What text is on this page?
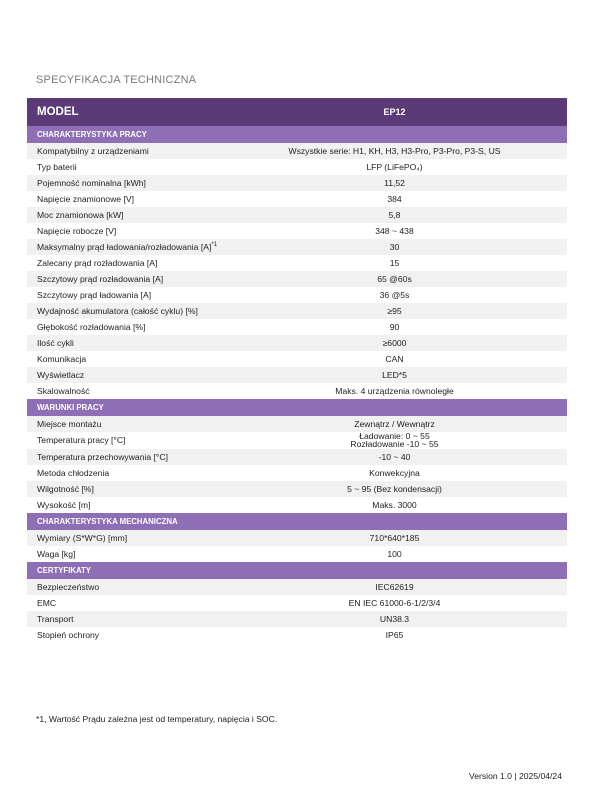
SPECYFIKACJA TECHNICZNA
MODEL	EP12
CHARAKTERYSTYKA PRACY	
Kompatybilny z urządzeniami	Wszystkie serie: H1, KH, H3, H3-Pro, P3-Pro, P3-S, US

Typ baterii	LFP (LiFePO₄)

Pojemność nominalna [kWh]	11,52

Napięcie znamionowe [V]	384

Moc znamionowa [kW]	5,8

Napięcie robocze [V]	348 ~ 438

Maksymalny prąd ładowania/rozładowania $[A]^{*1}$	30

Zalecany prąd rozładowania [A]	15

Szczytowy prąd rozładowania [A]	65 @60s

Szczytowy prąd ładowania [A]	36 @5s

Wydajność akumulatora (całość cyklu) [%]	≥95

Głębokość rozładowania [%]	90

Ilość cykli	≥6000

Komunikacja	CAN

Wyświetlacz	LED*5

Skalowalność	Maks. 4 urządzenia równoległe

WARUNKI PRACY	
Miejsce montażu	Zewnątrz / Wewnątrz

Temperatura pracy [°C]	Ładowanie: 0 ~ 55
Rozładowanie -10 ~ 55

Temperatura przechowywania [°C]	-10 ~ 40

Metoda chłodzenia	Konwekcyjna

Wilgotność [%]	5 ~ 95 (Bez kondensacji)

Wysokość [m]	Maks. 3000

CHARAKTERYSTYKA MECHANICZNA	
Wymiary (S*W*G) [mm]	710*640*185

Waga [kg]	100

CERTYFIKATY	
Bezpieczeństwo	IEC62619

EMC	EN IEC 61000-6-1/2/3/4

Transport	UN38.3

Stopień ochrony	IP65
*1, Wartość Prądu zależna jest od temperatury, napięcia i SOC.
Version 1.0 | 2025/04/24
